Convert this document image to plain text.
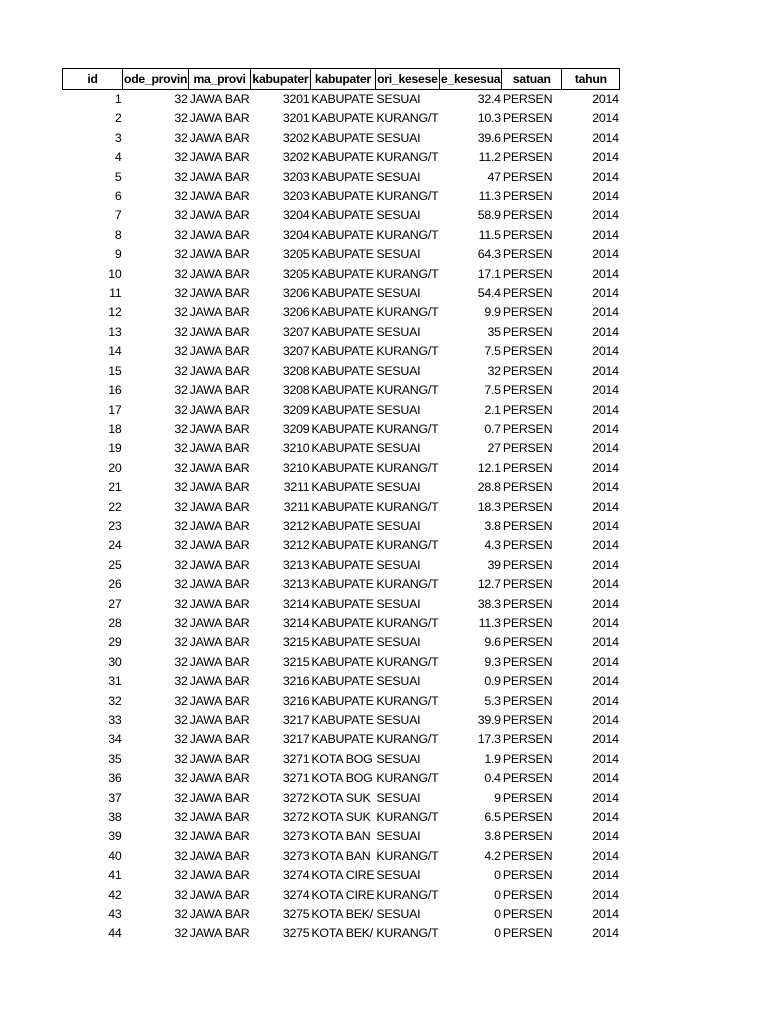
id	ode_provin	ma_provi	kabupater	kabupater	ori_kesese	e_kesesua	satuan	tahun
1	32	JAWA BAR	3201	KABUPATE	SESUAI	32.4	PERSEN	2014
2	32	JAWA BAR	3201	KABUPATE	KURANG/T	10.3	PERSEN	2014
3	32	JAWA BAR	3202	KABUPATE	SESUAI	39.6	PERSEN	2014
4	32	JAWA BAR	3202	KABUPATE	KURANG/T	11.2	PERSEN	2014
5	32	JAWA BAR	3203	KABUPATE	SESUAI	47	PERSEN	2014
6	32	JAWA BAR	3203	KABUPATE	KURANG/T	11.3	PERSEN	2014
7	32	JAWA BAR	3204	KABUPATE	SESUAI	58.9	PERSEN	2014
8	32	JAWA BAR	3204	KABUPATE	KURANG/T	11.5	PERSEN	2014
9	32	JAWA BAR	3205	KABUPATE	SESUAI	64.3	PERSEN	2014
10	32	JAWA BAR	3205	KABUPATE	KURANG/T	17.1	PERSEN	2014
11	32	JAWA BAR	3206	KABUPATE	SESUAI	54.4	PERSEN	2014
12	32	JAWA BAR	3206	KABUPATE	KURANG/T	9.9	PERSEN	2014
13	32	JAWA BAR	3207	KABUPATE	SESUAI	35	PERSEN	2014
14	32	JAWA BAR	3207	KABUPATE	KURANG/T	7.5	PERSEN	2014
15	32	JAWA BAR	3208	KABUPATE	SESUAI	32	PERSEN	2014
16	32	JAWA BAR	3208	KABUPATE	KURANG/T	7.5	PERSEN	2014
17	32	JAWA BAR	3209	KABUPATE	SESUAI	2.1	PERSEN	2014
18	32	JAWA BAR	3209	KABUPATE	KURANG/T	0.7	PERSEN	2014
19	32	JAWA BAR	3210	KABUPATE	SESUAI	27	PERSEN	2014
20	32	JAWA BAR	3210	KABUPATE	KURANG/T	12.1	PERSEN	2014
21	32	JAWA BAR	3211	KABUPATE	SESUAI	28.8	PERSEN	2014
22	32	JAWA BAR	3211	KABUPATE	KURANG/T	18.3	PERSEN	2014
23	32	JAWA BAR	3212	KABUPATE	SESUAI	3.8	PERSEN	2014
24	32	JAWA BAR	3212	KABUPATE	KURANG/T	4.3	PERSEN	2014
25	32	JAWA BAR	3213	KABUPATE	SESUAI	39	PERSEN	2014
26	32	JAWA BAR	3213	KABUPATE	KURANG/T	12.7	PERSEN	2014
27	32	JAWA BAR	3214	KABUPATE	SESUAI	38.3	PERSEN	2014
28	32	JAWA BAR	3214	KABUPATE	KURANG/T	11.3	PERSEN	2014
29	32	JAWA BAR	3215	KABUPATE	SESUAI	9.6	PERSEN	2014
30	32	JAWA BAR	3215	KABUPATE	KURANG/T	9.3	PERSEN	2014
31	32	JAWA BAR	3216	KABUPATE	SESUAI	0.9	PERSEN	2014
32	32	JAWA BAR	3216	KABUPATE	KURANG/T	5.3	PERSEN	2014
33	32	JAWA BAR	3217	KABUPATE	SESUAI	39.9	PERSEN	2014
34	32	JAWA BAR	3217	KABUPATE	KURANG/T	17.3	PERSEN	2014
35	32	JAWA BAR	3271	KOTA BOG	SESUAI	1.9	PERSEN	2014
36	32	JAWA BAR	3271	KOTA BOG	KURANG/T	0.4	PERSEN	2014
37	32	JAWA BAR	3272	KOTA SUK	SESUAI	9	PERSEN	2014
38	32	JAWA BAR	3272	KOTA SUK	KURANG/T	6.5	PERSEN	2014
39	32	JAWA BAR	3273	KOTA BAN	SESUAI	3.8	PERSEN	2014
40	32	JAWA BAR	3273	KOTA BAN	KURANG/T	4.2	PERSEN	2014
41	32	JAWA BAR	3274	KOTA CIRE	SESUAI	0	PERSEN	2014
42	32	JAWA BAR	3274	KOTA CIRE	KURANG/T	0	PERSEN	2014
43	32	JAWA BAR	3275	KOTA BEK/	SESUAI	0	PERSEN	2014
44	32	JAWA BAR	3275	KOTA BEK/	KURANG/T	0	PERSEN	2014
